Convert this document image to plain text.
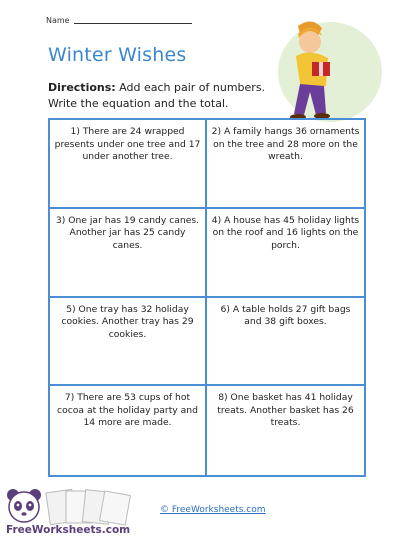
Name
Winter Wishes
Directions: Add each pair of numbers. Write the equation and the total.
1) There are 24 wrapped presents under one tree and 17 under another tree.
2) A family hangs 36 ornaments on the tree and 28 more on the wreath.
3) One jar has 19 candy canes. Another jar has 25 candy canes.
4) A house has 45 holiday lights on the roof and 16 lights on the porch.
5) One tray has 32 holiday cookies. Another tray has 29 cookies.
6) A table holds 27 gift bags and 38 gift boxes.
7) There are 53 cups of hot cocoa at the holiday party and 14 more are made.
8) One basket has 41 holiday treats. Another basket has 26 treats.
FreeWorksheets.com
© FreeWorksheets.com
